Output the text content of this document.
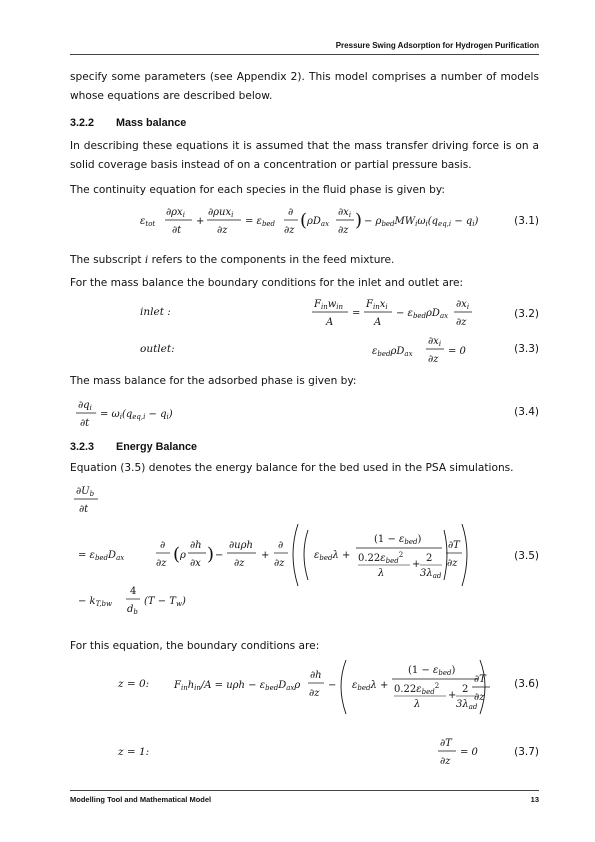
Pressure Swing Adsorption for Hydrogen Purification
specify some parameters (see Appendix 2). This model comprises a number of models whose equations are described below.
3.2.2 Mass balance
In describing these equations it is assumed that the mass transfer driving force is on a solid coverage basis instead of on a concentration or partial pressure basis.
The continuity equation for each species in the fluid phase is given by:
$\varepsilon_{tot}$
$\partial\rho x_i$
∂t
+
∂ρux$_i$
∂z
= $\varepsilon_{bed}$
∂
∂z ( $\rho D_{ax}$
$\partial x_i$
∂z ) − $\rho_{bed}MW_i\omega_i(q_{eq,i} - q_i)$	(3.1)
The subscript i refers to the components in the feed mixture.
For the mass balance the boundary conditions for the inlet and outlet are:
inlet :
$F_{in}w_{in}$
A
=
$F_{in}x_i$
A
− $\varepsilon_{bed}\rho D_{ax}$
$\partial x_i$
∂z
(3.2)
outlet:	$\varepsilon_{bed}\rho D_{ax}$
$\partial x_i$
∂z
= 0	(3.3)
The mass balance for the adsorbed phase is given by:
$\partial q_i$
∂t
= $\omega_i(q_{eq,i} - q_i)$	(3.4)
3.2.3 Energy Balance
Equation (3.5) denotes the energy balance for the bed used in the PSA simulations.
$\partial U_b$
∂t
= $\varepsilon_{bed}D_{ax}$
∂
∂z ( ρ
∂h
∂x ) −
∂uρh
∂z
+
∂
∂z
$\varepsilon_{bed}\lambda$ +
$(1 - \varepsilon_{bed})$
$0.22\varepsilon_{bed}^2$
λ
+
2
$3\lambda_{ad}$
∂T
∂z
− $k_{T,bw}$
4
$d_b$
$(T - T_w)$
(3.5)
For this equation, the boundary conditions are:
z = 0: $F_{in}h_{in}/A = u\rho h - \varepsilon_{bed}D_{ax}\rho$
∂h
∂z
− $\varepsilon_{bed}\lambda$ +
$(1 - \varepsilon_{bed})$
$0.22\varepsilon_{bed}^2$
λ
+
2
$3\lambda_{ad}$
∂T
∂z
(3.6)
z = 1:
∂T
∂z
= 0	(3.7)
Modelling Tool and Mathematical Model	13
